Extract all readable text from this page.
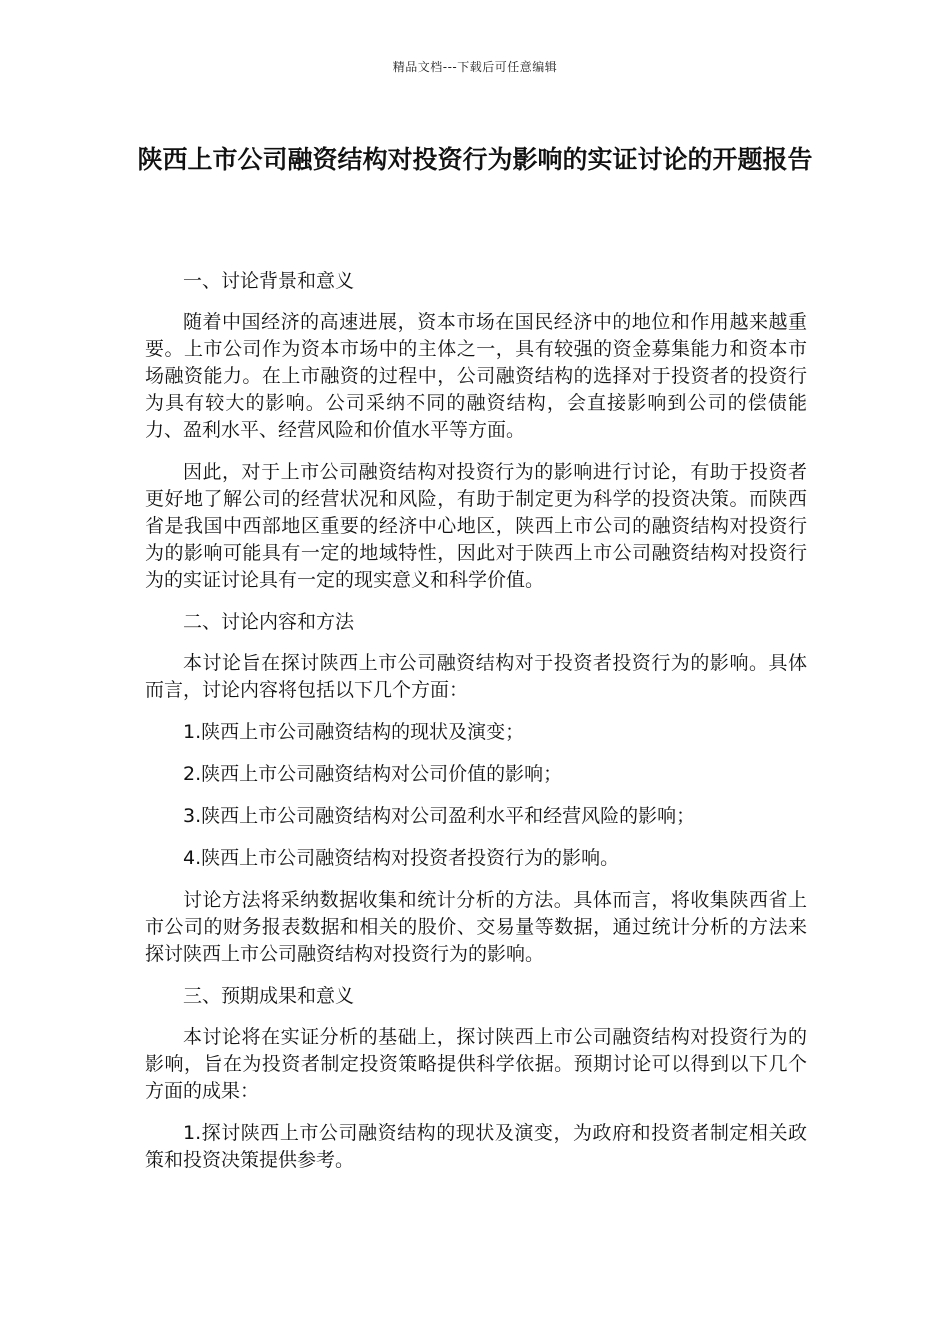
精品文档---下载后可任意编辑
陕西上市公司融资结构对投资行为影响的实证讨论的开题报告

一、讨论背景和意义

随着中国经济的高速进展，资本市场在国民经济中的地位和作用越来越重要。上市公司作为资本市场中的主体之一，具有较强的资金募集能力和资本市场融资能力。在上市融资的过程中，公司融资结构的选择对于投资者的投资行为具有较大的影响。公司采纳不同的融资结构，会直接影响到公司的偿债能力、盈利水平、经营风险和价值水平等方面。

因此，对于上市公司融资结构对投资行为的影响进行讨论，有助于投资者更好地了解公司的经营状况和风险，有助于制定更为科学的投资决策。而陕西省是我国中西部地区重要的经济中心地区，陕西上市公司的融资结构对投资行为的影响可能具有一定的地域特性，因此对于陕西上市公司融资结构对投资行为的实证讨论具有一定的现实意义和科学价值。

二、讨论内容和方法

本讨论旨在探讨陕西上市公司融资结构对于投资者投资行为的影响。具体而言，讨论内容将包括以下几个方面：

1.陕西上市公司融资结构的现状及演变；

2.陕西上市公司融资结构对公司价值的影响；

3.陕西上市公司融资结构对公司盈利水平和经营风险的影响；

4.陕西上市公司融资结构对投资者投资行为的影响。

讨论方法将采纳数据收集和统计分析的方法。具体而言，将收集陕西省上市公司的财务报表数据和相关的股价、交易量等数据，通过统计分析的方法来探讨陕西上市公司融资结构对投资行为的影响。

三、预期成果和意义

本讨论将在实证分析的基础上，探讨陕西上市公司融资结构对投资行为的影响，旨在为投资者制定投资策略提供科学依据。预期讨论可以得到以下几个方面的成果：

1.探讨陕西上市公司融资结构的现状及演变，为政府和投资者制定相关政策和投资决策提供参考。
